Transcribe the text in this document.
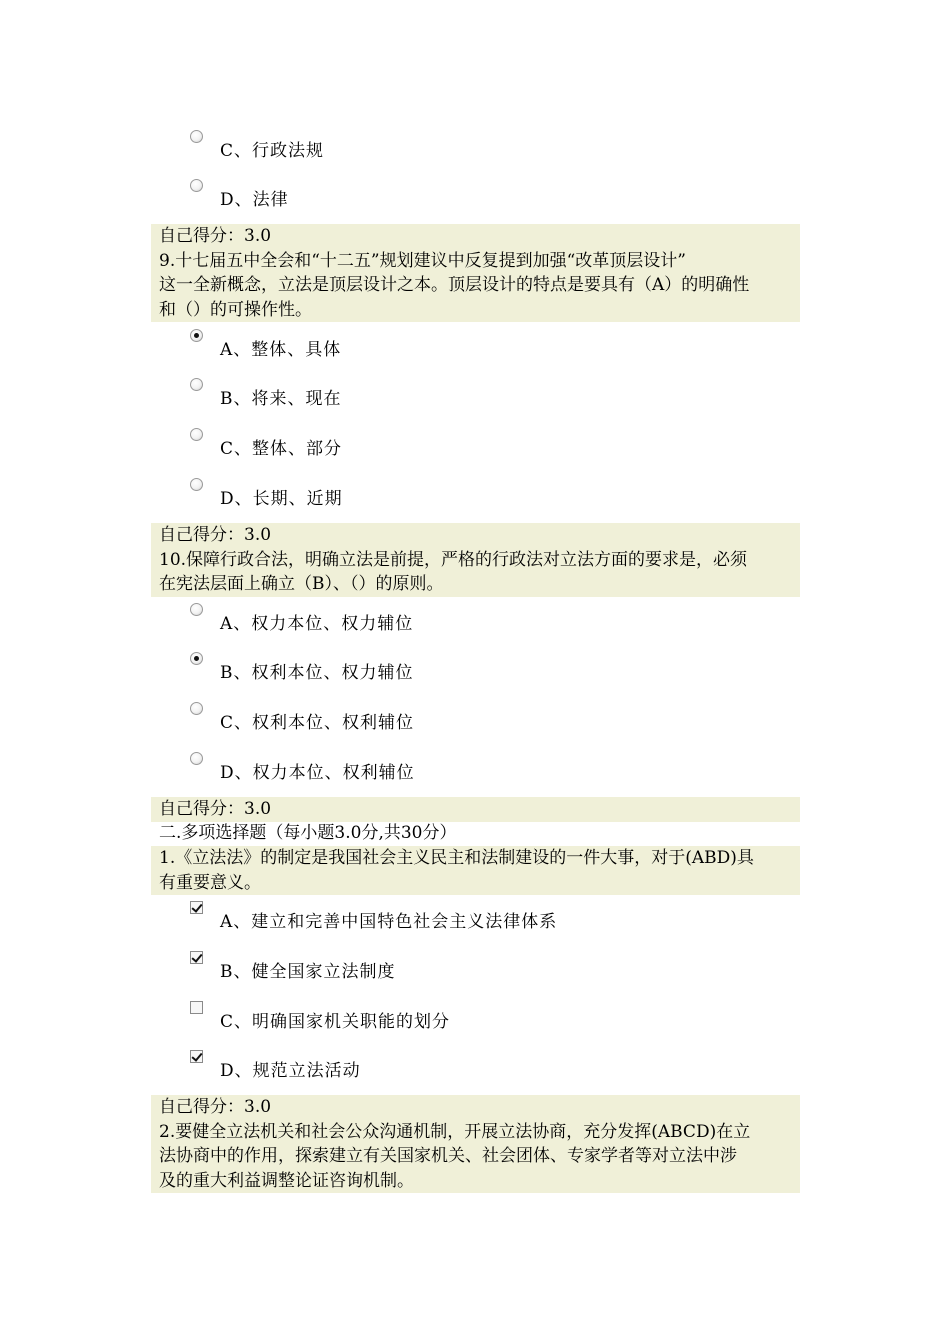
C、行政法规
D、法律
自己得分：3.0
9.十七届五中全会和“十二五”规划建议中反复提到加强“改革顶层设计”
这一全新概念，立法是顶层设计之本。顶层设计的特点是要具有（A）的明确性
和（）的可操作性。
A、整体、具体
B、将来、现在
C、整体、部分
D、长期、近期
自己得分：3.0
10.保障行政合法，明确立法是前提，严格的行政法对立法方面的要求是，必须
在宪法层面上确立（B）、（）的原则。
A、权力本位、权力辅位
B、权利本位、权力辅位
C、权利本位、权利辅位
D、权力本位、权利辅位
自己得分：3.0
二.多项选择题（每小题3.0分,共30分）
1.《立法法》的制定是我国社会主义民主和法制建设的一件大事，对于(ABD)具
有重要意义。
A、建立和完善中国特色社会主义法律体系
B、健全国家立法制度
C、明确国家机关职能的划分
D、规范立法活动
自己得分：3.0
2.要健全立法机关和社会公众沟通机制，开展立法协商，充分发挥(ABCD)在立
法协商中的作用，探索建立有关国家机关、社会团体、专家学者等对立法中涉
及的重大利益调整论证咨询机制。
